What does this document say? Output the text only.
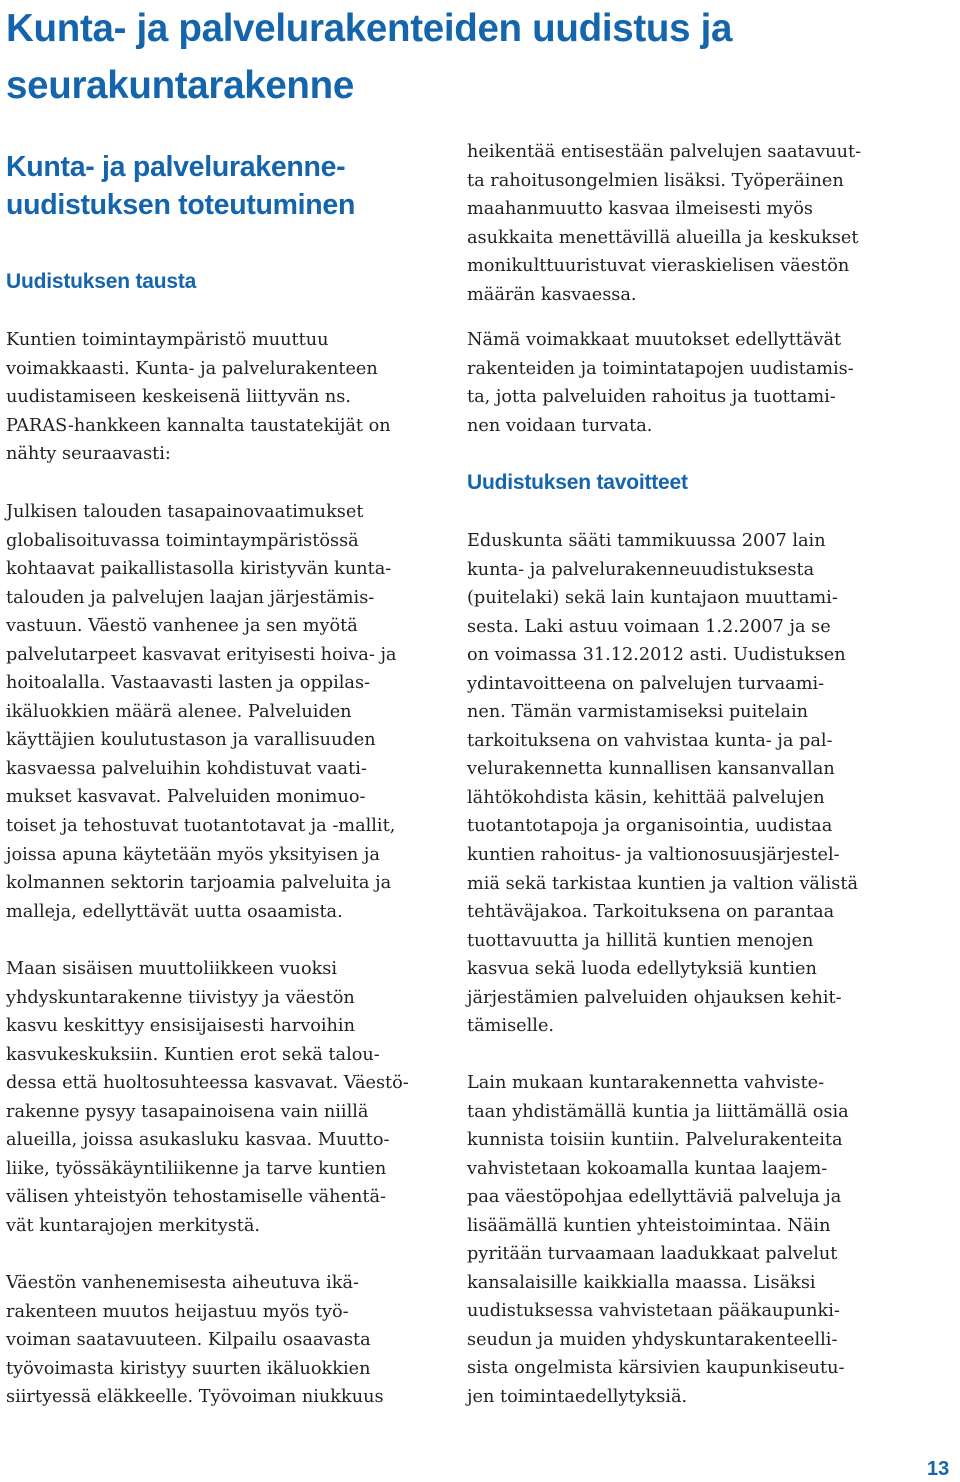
Kunta- ja palvelurakenteiden uudistus ja
seurakuntarakenne
Kunta- ja palvelurakenne-
uudistuksen toteutuminen
Uudistuksen tausta

Kuntien toimintaympäristö muuttuu
voimakkaasti. Kunta- ja palvelurakenteen
uudistamiseen keskeisenä liittyvän ns.
PARAS-hankkeen kannalta taustatekijät on
nähty seuraavasti:

Julkisen talouden tasapainovaatimukset
globalisoituvassa toimintaympäristössä
kohtaavat paikallistasolla kiristyvän kunta-
talouden ja palvelujen laajan järjestämis-
vastuun. Väestö vanhenee ja sen myötä
palvelutarpeet kasvavat erityisesti hoiva- ja
hoitoalalla. Vastaavasti lasten ja oppilas-
ikäluokkien määrä alenee. Palveluiden
käyttäjien koulutustason ja varallisuuden
kasvaessa palveluihin kohdistuvat vaati-
mukset kasvavat. Palveluiden monimuo-
toiset ja tehostuvat tuotantotavat ja -mallit,
joissa apuna käytetään myös yksityisen ja
kolmannen sektorin tarjoamia palveluita ja
malleja, edellyttävät uutta osaamista.

Maan sisäisen muuttoliikkeen vuoksi
yhdyskuntarakenne tiivistyy ja väestön
kasvu keskittyy ensisijaisesti harvoihin
kasvukeskuksiin. Kuntien erot sekä talou-
dessa että huoltosuhteessa kasvavat. Väestö-
rakenne pysyy tasapainoisena vain niillä
alueilla, joissa asukasluku kasvaa. Muutto-
liike, työssäkäyntiliikenne ja tarve kuntien
välisen yhteistyön tehostamiselle vähentä-
vät kuntarajojen merkitystä.

Väestön vanhenemisesta aiheutuva ikä-
rakenteen muutos heijastuu myös työ-
voiman saatavuuteen. Kilpailu osaavasta
työvoimasta kiristyy suurten ikäluokkien
siirtyessä eläkkeelle. Työvoiman niukkuus

heikentää entisestään palvelujen saatavuut-
ta rahoitusongelmien lisäksi. Työperäinen
maahanmuutto kasvaa ilmeisesti myös
asukkaita menettävillä alueilla ja keskukset
monikulttuuristuvat vieraskielisen väestön
määrän kasvaessa.

Nämä voimakkaat muutokset edellyttävät
rakenteiden ja toimintatapojen uudistamis-
ta, jotta palveluiden rahoitus ja tuottami-
nen voidaan turvata.

Uudistuksen tavoitteet

Eduskunta sääti tammikuussa 2007 lain
kunta- ja palvelurakenneuudistuksesta
(puitelaki) sekä lain kuntajaon muuttami-
sesta. Laki astuu voimaan 1.2.2007 ja se
on voimassa 31.12.2012 asti. Uudistuksen
ydintavoitteena on palvelujen turvaami-
nen. Tämän varmistamiseksi puitelain
tarkoituksena on vahvistaa kunta- ja pal-
velurakennetta kunnallisen kansanvallan
lähtökohdista käsin, kehittää palvelujen
tuotantotapoja ja organisointia, uudistaa
kuntien rahoitus- ja valtionosuusjärjestel-
miä sekä tarkistaa kuntien ja valtion välistä
tehtäväjakoa. Tarkoituksena on parantaa
tuottavuutta ja hillitä kuntien menojen
kasvua sekä luoda edellytyksiä kuntien
järjestämien palveluiden ohjauksen kehit-
tämiselle.

Lain mukaan kuntarakennetta vahviste-
taan yhdistämällä kuntia ja liittämällä osia
kunnista toisiin kuntiin. Palvelurakenteita
vahvistetaan kokoamalla kuntaa laajem-
paa väestöpohjaa edellyttäviä palveluja ja
lisäämällä kuntien yhteistoimintaa. Näin
pyritään turvaamaan laadukkaat palvelut
kansalaisille kaikkialla maassa. Lisäksi
uudistuksessa vahvistetaan pääkaupunki-
seudun ja muiden yhdyskuntarakenteelli-
sista ongelmista kärsivien kaupunkiseutu-
jen toimintaedellytyksiä.

13
